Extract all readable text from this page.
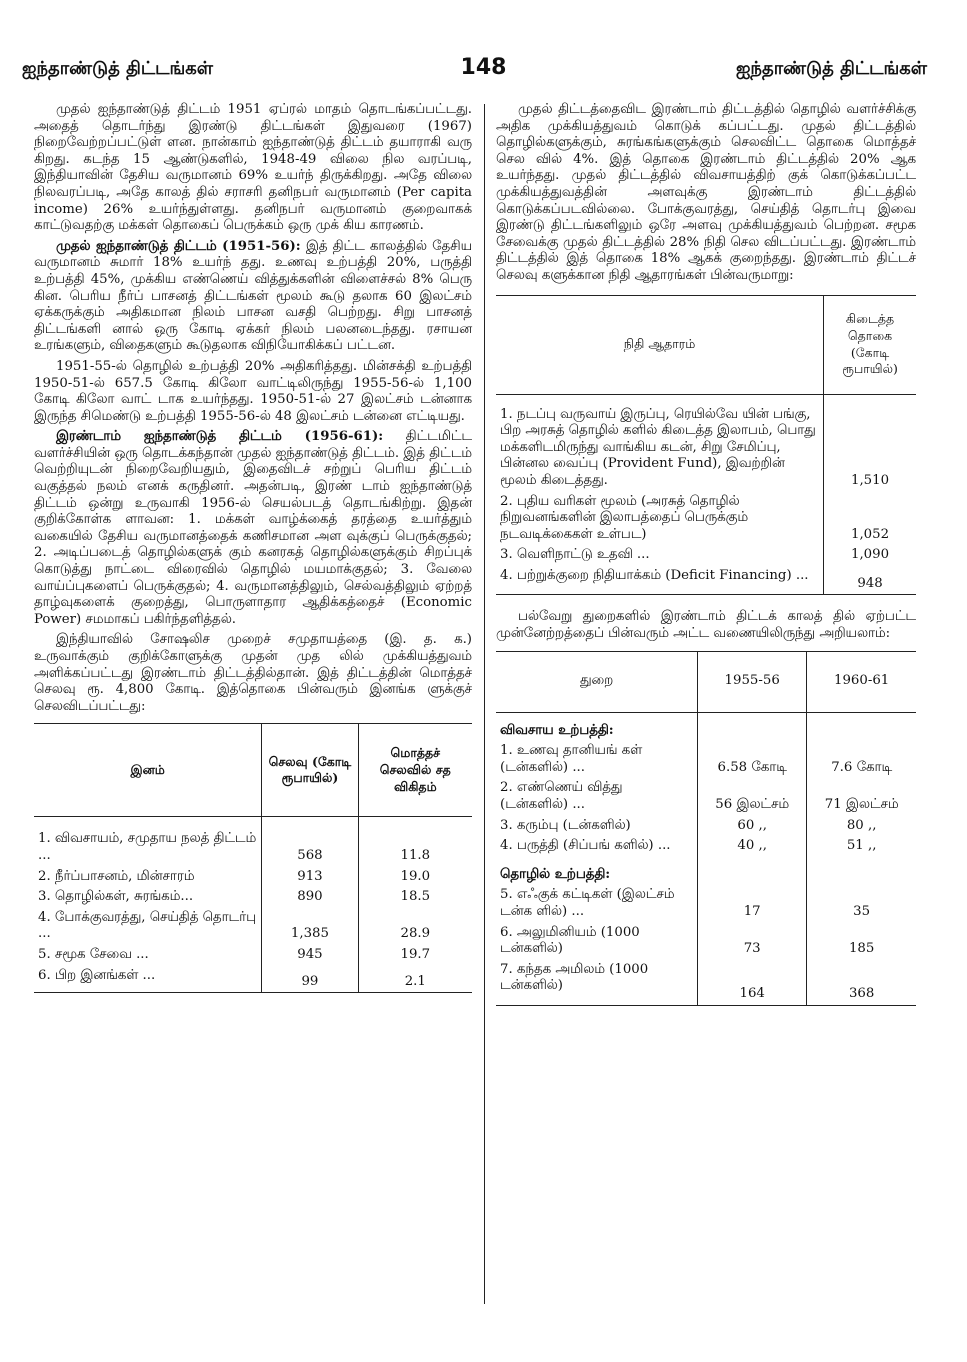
ஐந்தாண்டுத் திட்டங்கள்	148	ஐந்தாண்டுத் திட்டங்கள்

முதல் ஐந்தாண்டுத் திட்டம் 1951 ஏப்ரல் மாதம் தொடங்கப்பட்டது. அதைத் தொடர்ந்து இரண்டு திட்டங்கள் இதுவரை (1967) நிறைவேற்றப்பட்டுள் ளன. நான்காம் ஐந்தாண்டுத் திட்டம் தயாராகி வரு கிறது. கடந்த 15 ஆண்டுகளில், 1948-49 விலை நில வரப்படி, இந்தியாவின் தேசிய வருமானம் 69% உயர்ந் திருக்கிறது. அதே விலை நிலவரப்படி, அதே காலத் தில் சராசரி தனிநபர் வருமானம் (Per capita income) 26% உயர்ந்துள்ளது. தனிநபர் வருமானம் குறைவாகக் காட்டுவதற்கு மக்கள் தொகைப் பெருக்கம் ஒரு முக் கிய காரணம்.

முதல் ஐந்தாண்டுத் திட்டம் (1951-56): இத் திட்ட காலத்தில் தேசிய வருமானம் சுமார் 18% உயர்ந் தது. உணவு உற்பத்தி 20%, பருத்தி உற்பத்தி 45%, முக்கிய எண்ணெய் வித்துக்களின் விளைச்சல் 8% பெரு கின. பெரிய நீர்ப் பாசனத் திட்டங்கள் மூலம் கூடு தலாக 60 இலட்சம் ஏக்கருக்கும் அதிகமான நிலம் பாசன வசதி பெற்றது. சிறு பாசனத் திட்டங்களி னால் ஒரு கோடி ஏக்கர் நிலம் பலனடைந்தது. ரசாயன உரங்களும், விதைகளும் கூடுதலாக விநியோகிக்கப் பட்டன.

1951-55-ல் தொழில் உற்பத்தி 20% அதிகரித்தது. மின்சக்தி உற்பத்தி 1950-51-ல் 657.5 கோடி கிலோ வாட்டிலிருந்து 1955-56-ல் 1,100 கோடி கிலோ வாட் டாக உயர்ந்தது. 1950-51-ல் 27 இலட்சம் டன்னாக இருந்த சிமெண்டு உற்பத்தி 1955-56-ல் 48 இலட்சம் டன்னை எட்டியது.

இரண்டாம் ஐந்தாண்டுத் திட்டம் (1956-61): திட்டமிட்ட வளர்ச்சியின் ஒரு தொடக்கந்தான் முதல் ஐந்தாண்டுத் திட்டம். இத் திட்டம் வெற்றியுடன் நிறைவேறியதும், இதைவிடச் சற்றுப் பெரிய திட்டம் வகுத்தல் நலம் எனக் கருதினர். அதன்படி, இரண் டாம் ஐந்தாண்டுத் திட்டம் ஒன்று உருவாகி 1956-ல் செயல்படத் தொடங்கிற்று. இதன் குறிக்கோள்க ளாவன: 1. மக்கள் வாழ்க்கைத் தரத்தை உயர்த்தும் வகையில் தேசிய வருமானத்தைக் கணிசமான அள வுக்குப் பெருக்குதல்; 2. அடிப்படைத் தொழில்களுக் கும் கனரகத் தொழில்களுக்கும் சிறப்புக் கொடுத்து நாட்டை விரைவில் தொழில் மயமாக்குதல்; 3. வேலை வாய்ப்புகளைப் பெருக்குதல்; 4. வருமானத்திலும், செல்வத்திலும் ஏற்றத் தாழ்வுகளைக் குறைத்து, பொருளாதார ஆதிக்கத்தைச் (Economic Power) சமமாகப் பகிர்ந்தளித்தல்.

இந்தியாவில் சோஷலிச முறைச் சமுதாயத்தை (இ. த. க.) உருவாக்கும் குறிக்கோளுக்கு முதன் முத லில் முக்கியத்துவம் அளிக்கப்பட்டது இரண்டாம் திட்டத்தில்தான். இத் திட்டத்தின் மொத்தச் செலவு ரூ. 4,800 கோடி. இத்தொகை பின்வரும் இனங்க ளுக்குச் செலவிடப்பட்டது:

இனம்	செலவு (கோடி ரூபாயில்)	மொத்தச் செலவில் சத விகிதம்
1. விவசாயம், சமுதாய நலத் திட்டம் ...	568	11.8
2. நீர்ப்பாசனம், மின்சாரம்	913	19.0
3. தொழில்கள், சுரங்கம்...	890	18.5
4. போக்குவரத்து, செய்தித் தொடர்பு ...	1,385	28.9
5. சமூக சேவை ...	945	19.7
6. பிற இனங்கள் ...	99	2.1

முதல் திட்டத்தைவிட இரண்டாம் திட்டத்தில் தொழில் வளர்ச்சிக்கு அதிக முக்கியத்துவம் கொடுக் கப்பட்டது. முதல் திட்டத்தில் தொழில்களுக்கும், சுரங்கங்களுக்கும் செலவிட்ட தொகை மொத்தச் செல வில் 4%. இத் தொகை இரண்டாம் திட்டத்தில் 20% ஆக உயர்ந்தது. முதல் திட்டத்தில் விவசாயத்திற் குக் கொடுக்கப்பட்ட முக்கியத்துவத்தின் அளவுக்கு இரண்டாம் திட்டத்தில் கொடுக்கப்படவில்லை. போக்குவரத்து, செய்தித் தொடர்பு இவை இரண்டு திட்டங்களிலும் ஒரே அளவு முக்கியத்துவம் பெற்றன. சமூக சேவைக்கு முதல் திட்டத்தில் 28% நிதி செல விடப்பட்டது. இரண்டாம் திட்டத்தில் இத் தொகை 18% ஆகக் குறைந்தது. இரண்டாம் திட்டச் செலவு களுக்கான நிதி ஆதாரங்கள் பின்வருமாறு:

நிதி ஆதாரம்	கிடைத்த தொகை (கோடி ரூபாயில்)
1. நடப்பு வருவாய் இருப்பு, ரெயில்வே யின் பங்கு, பிற அரசுத் தொழில் களில் கிடைத்த இலாபம், பொது மக்களிடமிருந்து வாங்கிய கடன், சிறு சேமிப்பு, பின்னல வைப்பு (Provident Fund), இவற்றின் மூலம் கிடைத்தது.	1,510
2. புதிய வரிகள் மூலம் (அரசுத் தொழில் நிறுவனங்களின் இலாபத்தைப் பெருக்கும் நடவடிக்கைகள் உள்பட)	1,052
3. வெளிநாட்டு உதவி ...	1,090
4. பற்றுக்குறை நிதியாக்கம் (Deficit Financing) ...	948

பல்வேறு துறைகளில் இரண்டாம் திட்டக் காலத் தில் ஏற்பட்ட முன்னேற்றத்தைப் பின்வரும் அட்ட வணையிலிருந்து அறியலாம்:

துறை	1955-56	1960-61
விவசாய உற்பத்தி:		
1. உணவு தானியங் கள் (டன்களில்) ...	6.58 கோடி	7.6 கோடி
2. எண்ணெய் வித்து (டன்களில்) ...	56 இலட்சம்	71 இலட்சம்
3. கரும்பு (டன்களில்)	60 ,,	80 ,,
4. பருத்தி (சிப்பங் களில்) ...	40 ,,	51 ,,
தொழில் உற்பத்தி:		
5. எஃகுக் கட்டிகள் (இலட்சம் டன்க ளில்) ...	17	35
6. அலுமினியம் (1000 டன்களில்)	73	185
7. கந்தக அமிலம் (1000 டன்களில்)	164	368
